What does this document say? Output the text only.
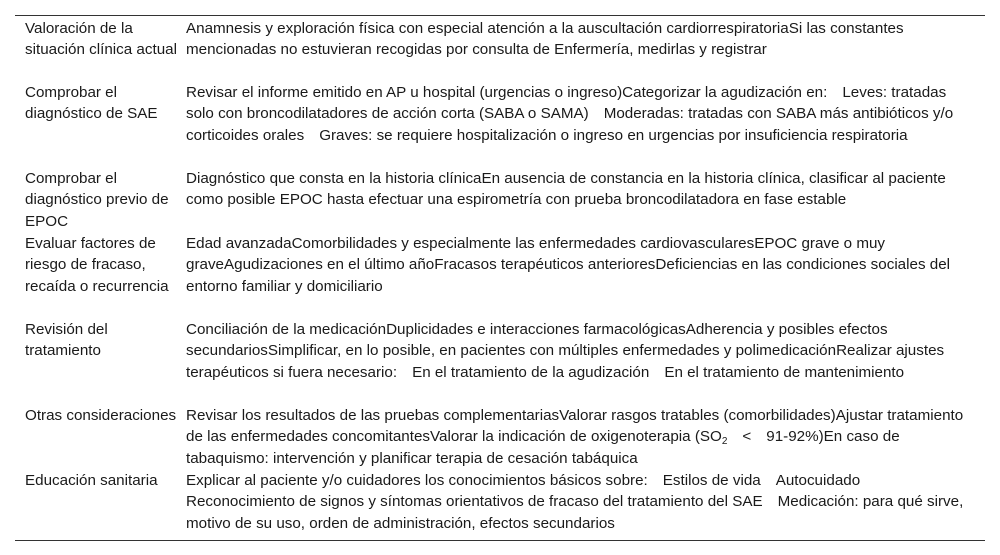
Valoración de la situación clínica actual
Anamnesis y exploración física con especial atención a la auscultación cardiorrespiratoriaSi las constantes mencionadas no estuvieran recogidas por consulta de Enfermería, medirlas y registrar
Comprobar el diagnóstico de SAE
Revisar el informe emitido en AP u hospital (urgencias o ingreso)Categorizar la agudización en: Leves: tratadas solo con broncodilatadores de acción corta (SABA o SAMA) Moderadas: tratadas con SABA más antibióticos y/o corticoides orales Graves: se requiere hospitalización o ingreso en urgencias por insuficiencia respiratoria
Comprobar el diagnóstico previo de EPOC
Diagnóstico que consta en la historia clínicaEn ausencia de constancia en la historia clínica, clasificar al paciente como posible EPOC hasta efectuar una espirometría con prueba broncodilatadora en fase estable
Evaluar factores de riesgo de fracaso, recaída o recurrencia
Edad avanzadaComorbilidades y especialmente las enfermedades cardiovascularesEPOC grave o muy graveAgudizaciones en el último añoFracasos terapéuticos anterioresDeficiencias en las condiciones sociales del entorno familiar y domiciliario
Revisión del tratamiento
Conciliación de la medicaciónDuplicidades e interacciones farmacológicasAdherencia y posibles efectos secundariosSimplificar, en lo posible, en pacientes con múltiples enfermedades y polimedicaciónRealizar ajustes terapéuticos si fuera necesario: En el tratamiento de la agudización En el tratamiento de mantenimiento
Otras consideraciones Revisar los resultados de las pruebas complementariasValorar rasgos tratables (comorbilidades)Ajustar tratamiento de las enfermedades concomitantesValorar la indicación de oxigenoterapia $(SO_2 < 91-92\%)En$ caso de tabaquismo: intervención y planificar terapia de cesación tabáquica
Educación sanitaria	Explicar al paciente y/o cuidadores los conocimientos básicos sobre: Estilos de vida AutocuidadoReconocimiento de signos y síntomas orientativos de fracaso del tratamiento del SAE Medicación: para qué sirve, motivo de su uso, orden de administración, efectos secundarios
